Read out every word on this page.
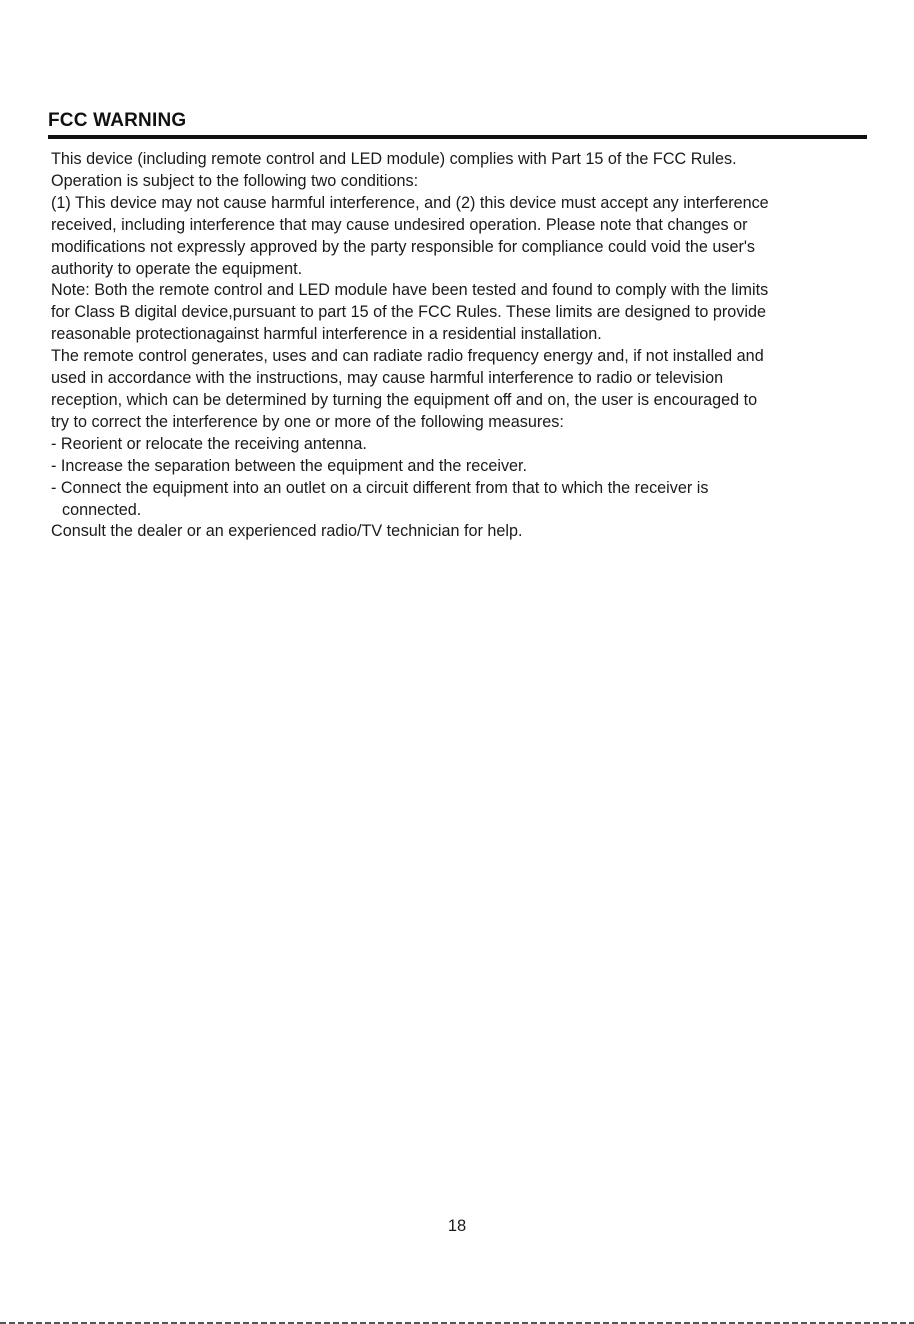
FCC WARNING

This device (including remote control and LED module) complies with Part 15 of the FCC Rules.

Operation is subject to the following two conditions:

(1) This device may not cause harmful interference, and (2) this device must accept any interference

received, including interference that may cause undesired operation. Please note that changes or

modifications not expressly approved by the party responsible for compliance could void the user's

authority to operate the equipment.

Note: Both the remote control and LED module have been tested and found to comply with the limits

for Class B digital device,pursuant to part 15 of the FCC Rules. These limits are designed to provide

reasonable protectionagainst harmful interference in a residential installation.

The remote control generates, uses and can radiate radio frequency energy and, if not installed and

used in accordance with the instructions, may cause harmful interference to radio or television

reception, which can be determined by turning the equipment off and on, the user is encouraged to

try to correct the interference by one or more of the following measures:

- Reorient or relocate the receiving antenna.

- Increase the separation between the equipment and the receiver.

- Connect the equipment into an outlet on a circuit different from that to which the receiver is

connected.

Consult the dealer or an experienced radio/TV technician for help.

18
